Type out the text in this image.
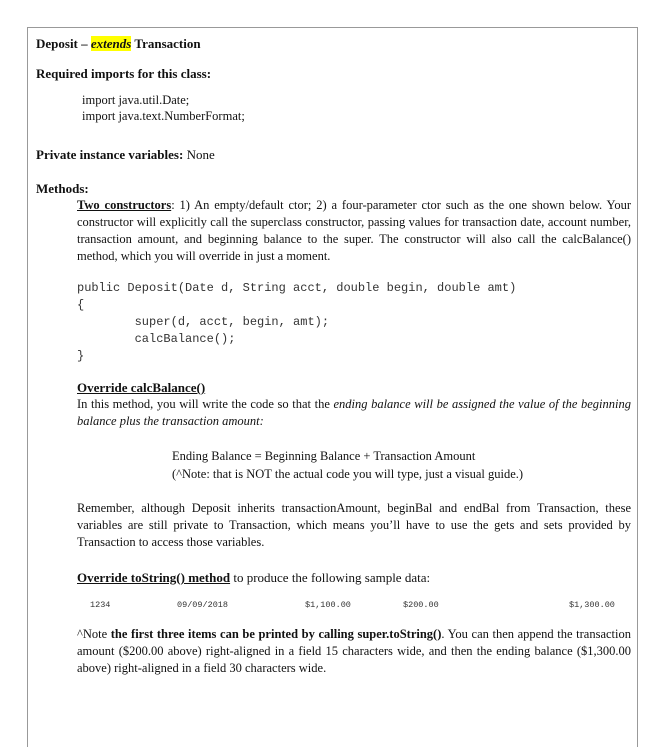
Deposit – extends Transaction
Required imports for this class:
import java.util.Date;
import java.text.NumberFormat;
Private instance variables: None
Methods:
Two constructors: 1) An empty/default ctor; 2) a four-parameter ctor such as the one shown below. Your constructor will explicitly call the superclass constructor, passing values for transaction date, account number, transaction amount, and beginning balance to the super. The constructor will also call the calcBalance() method, which you will override in just a moment.
public Deposit(Date d, String acct, double begin, double amt)
{
super(d, acct, begin, amt);
calcBalance();
}
Override calcBalance()
In this method, you will write the code so that the ending balance will be assigned the value of the beginning balance plus the transaction amount:
Ending Balance = Beginning Balance + Transaction Amount
(^Note: that is NOT the actual code you will type, just a visual guide.)
Remember, although Deposit inherits transactionAmount, beginBal and endBal from Transaction, these variables are still private to Transaction, which means you’ll have to use the gets and sets provided by Transaction to access those variables.
Override toString() method to produce the following sample data:
1234	09/09/2018	$1,100.00	$200.00	$1,300.00
^Note the first three items can be printed by calling super.toString(). You can then append the transaction amount ($200.00 above) right-aligned in a field 15 characters wide, and then the ending balance ($1,300.00 above) right-aligned in a field 30 characters wide.
